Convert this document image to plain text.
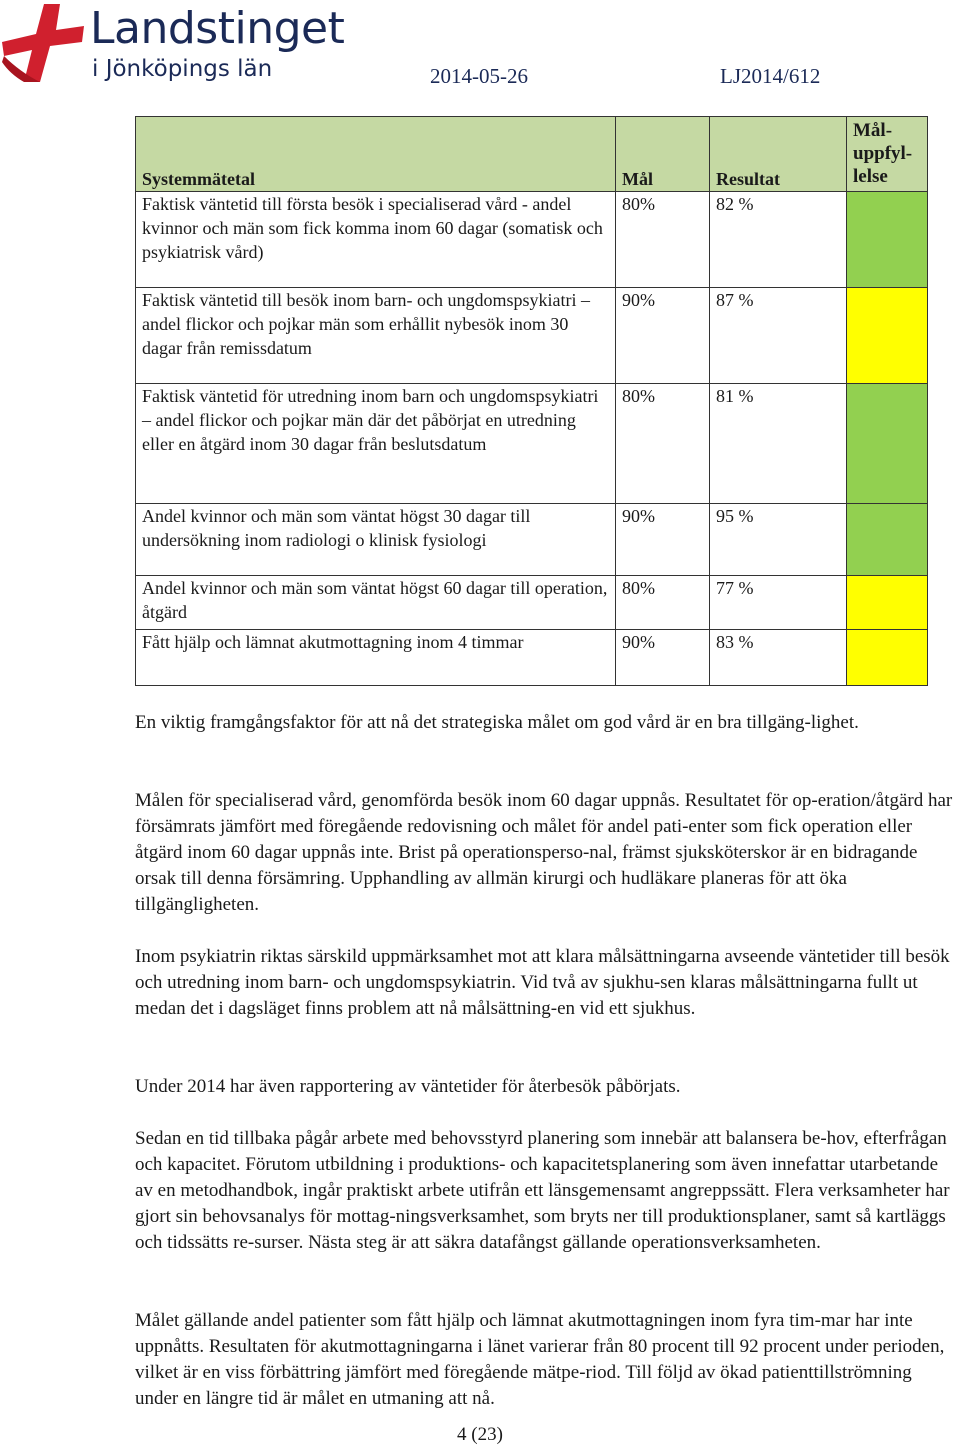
Landstinget
i Jönköpings län	2014-05-26	LJ2014/612
Systemmätetal	Mål	Resultat	Mål-
uppfyl-
lelse
Faktisk väntetid till första besök i specialiserad vård - andel kvinnor och män som fick komma inom 60 dagar (somatisk och psykiatrisk vård)	80%	82 %	
Faktisk väntetid till besök inom barn- och ungdomspsykiatri – andel flickor och pojkar män som erhållit nybesök inom 30 dagar från remissdatum	90%	87 %	
Faktisk väntetid för utredning inom barn och ungdomspsykiatri – andel flickor och pojkar män där det påbörjat en utredning eller en åtgärd inom 30 dagar från beslutsdatum	80%	81 %	
Andel kvinnor och män som väntat högst 30 dagar till undersökning inom radiologi o klinisk fysiologi	90%	95 %	
Andel kvinnor och män som väntat högst 60 dagar till operation, åtgärd	80%	77 %	
Fått hjälp och lämnat akutmottagning inom 4 timmar	90%	83 %	

En viktig framgångsfaktor för att nå det strategiska målet om god vård är en bra tillgäng-lighet.

Målen för specialiserad vård, genomförda besök inom 60 dagar uppnås. Resultatet för op-eration/åtgärd har försämrats jämfört med föregående redovisning och målet för andel pati-enter som fick operation eller åtgärd inom 60 dagar uppnås inte. Brist på operationsperso-nal, främst sjuksköterskor är en bidragande orsak till denna försämring. Upphandling av allmän kirurgi och hudläkare planeras för att öka tillgängligheten.

Inom psykiatrin riktas särskild uppmärksamhet mot att klara målsättningarna avseende väntetider till besök och utredning inom barn- och ungdomspsykiatrin. Vid två av sjukhu-sen klaras målsättningarna fullt ut medan det i dagsläget finns problem att nå målsättning-en vid ett sjukhus.

Under 2014 har även rapportering av väntetider för återbesök påbörjats.

Sedan en tid tillbaka pågår arbete med behovsstyrd planering som innebär att balansera be-hov, efterfrågan och kapacitet. Förutom utbildning i produktions- och kapacitetsplanering som även innefattar utarbetande av en metodhandbok, ingår praktiskt arbete utifrån ett länsgemensamt angreppssätt. Flera verksamheter har gjort sin behovsanalys för mottag-ningsverksamhet, som bryts ner till produktionsplaner, samt så kartläggs och tidssätts re-surser. Nästa steg är att säkra datafångst gällande operationsverksamheten.

Målet gällande andel patienter som fått hjälp och lämnat akutmottagningen inom fyra tim-mar har inte uppnåtts. Resultaten för akutmottagningarna i länet varierar från 80 procent till 92 procent under perioden, vilket är en viss förbättring jämfört med föregående mätpe-riod. Till följd av ökad patienttillströmning under en längre tid är målet en utmaning att nå.

4 (23)
